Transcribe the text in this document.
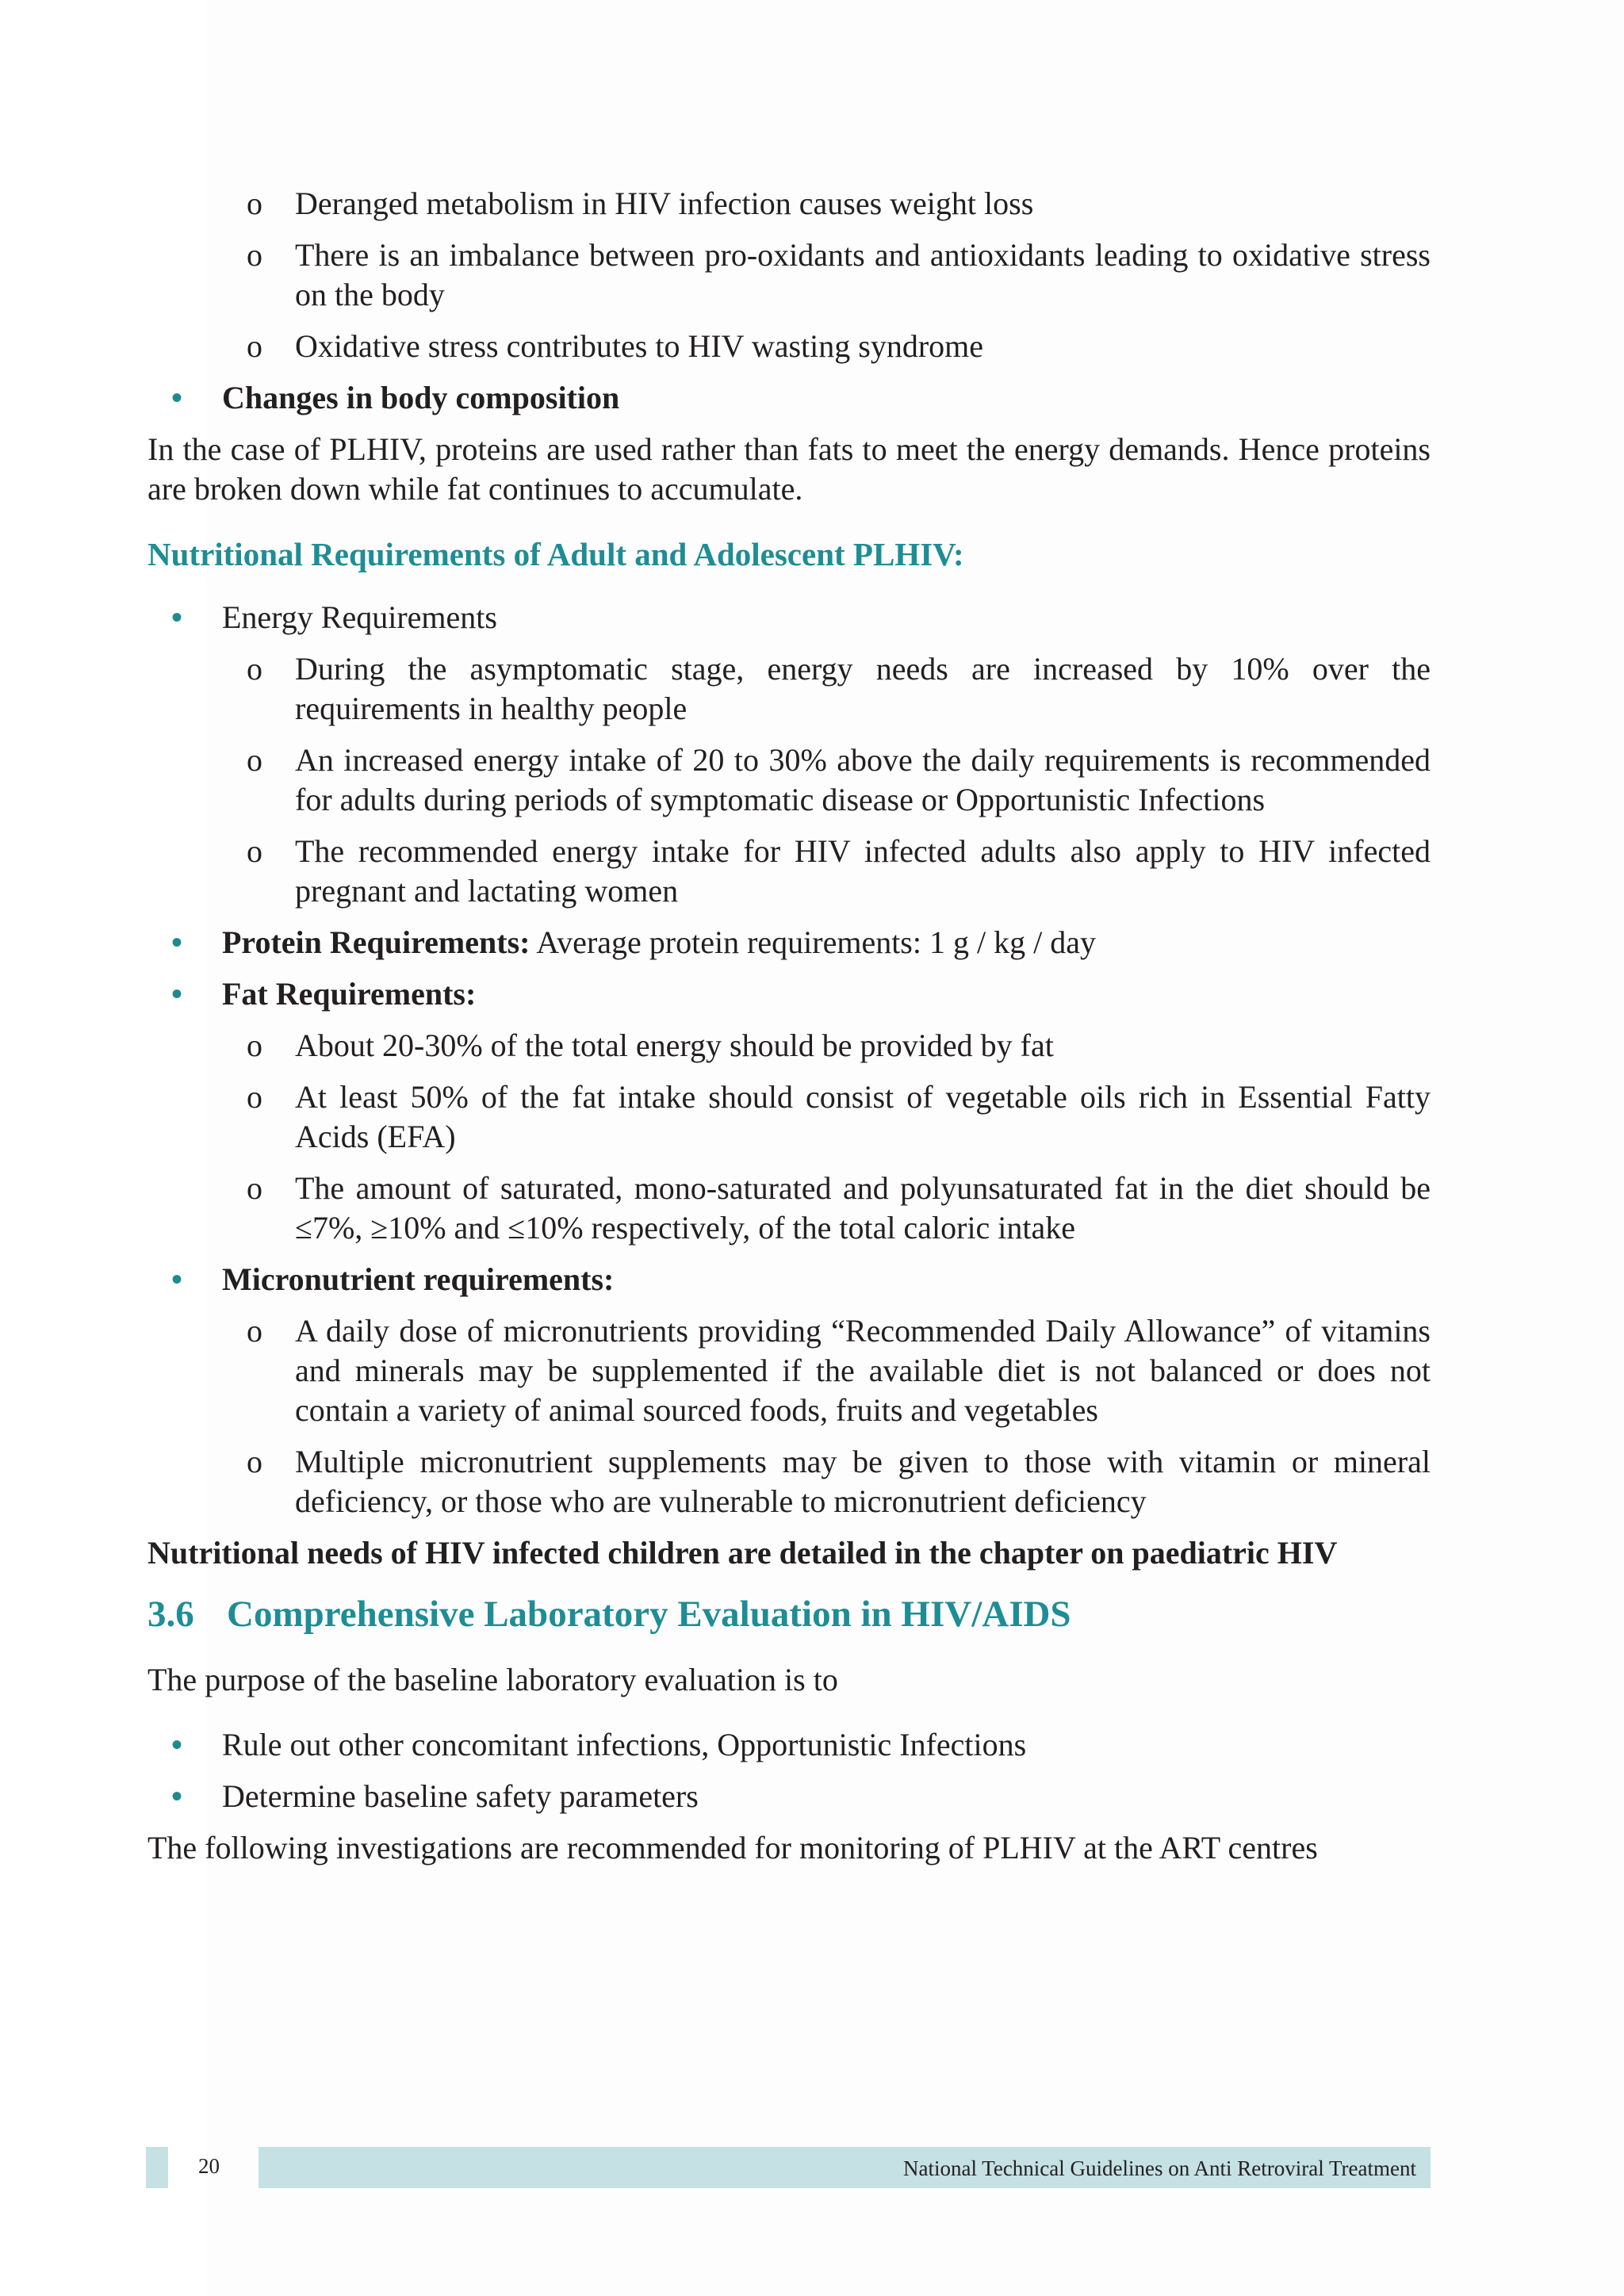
o Deranged metabolism in HIV infection causes weight loss
o There is an imbalance between pro-oxidants and antioxidants leading to oxidative stress on the body
o Oxidative stress contributes to HIV wasting syndrome
• Changes in body composition
In the case of PLHIV, proteins are used rather than fats to meet the energy demands. Hence proteins are broken down while fat continues to accumulate.
Nutritional Requirements of Adult and Adolescent PLHIV:
• Energy Requirements
o During the asymptomatic stage, energy needs are increased by 10% over the requirements in healthy people
o An increased energy intake of 20 to 30% above the daily requirements is recommended for adults during periods of symptomatic disease or Opportunistic Infections
o The recommended energy intake for HIV infected adults also apply to HIV infected pregnant and lactating women
• Protein Requirements: Average protein requirements: 1 g / kg / day
• Fat Requirements:
o About 20-30% of the total energy should be provided by fat
o At least 50% of the fat intake should consist of vegetable oils rich in Essential Fatty Acids (EFA)
o The amount of saturated, mono-saturated and polyunsaturated fat in the diet should be ≤7%, ≥10% and ≤10% respectively, of the total caloric intake
• Micronutrient requirements:
o A daily dose of micronutrients providing “Recommended Daily Allowance” of vitamins and minerals may be supplemented if the available diet is not balanced or does not contain a variety of animal sourced foods, fruits and vegetables
o Multiple micronutrient supplements may be given to those with vitamin or mineral deficiency, or those who are vulnerable to micronutrient deficiency
Nutritional needs of HIV infected children are detailed in the chapter on paediatric HIV
3.6 Comprehensive Laboratory Evaluation in HIV/AIDS
The purpose of the baseline laboratory evaluation is to
• Rule out other concomitant infections, Opportunistic Infections
• Determine baseline safety parameters
The following investigations are recommended for monitoring of PLHIV at the ART centres
20	National Technical Guidelines on Anti Retroviral Treatment
